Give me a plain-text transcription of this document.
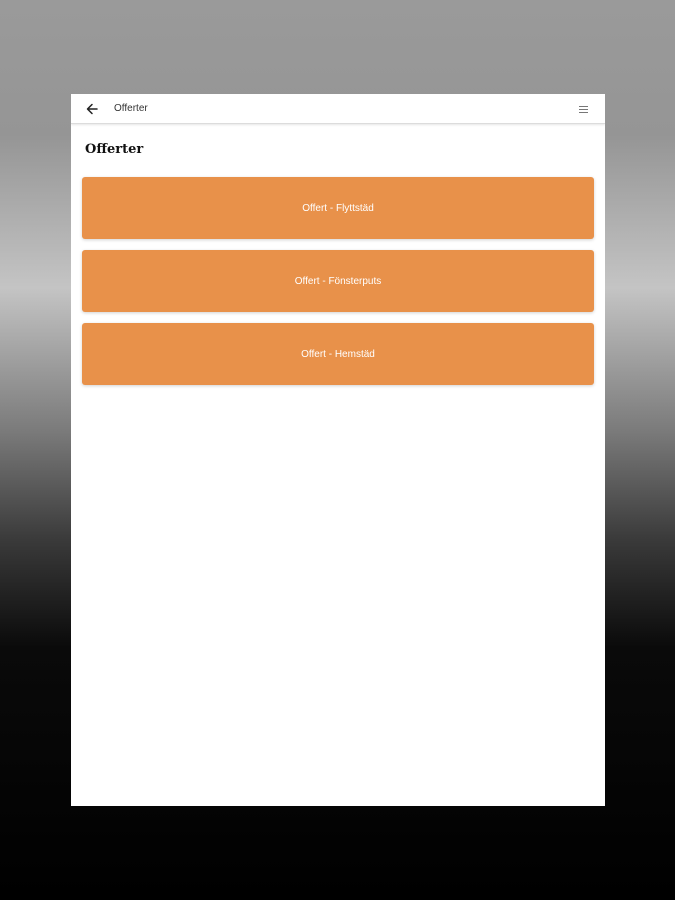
Offerter
Offerter
Offert - Flyttstäd
Offert - Fönsterputs
Offert - Hemstäd
